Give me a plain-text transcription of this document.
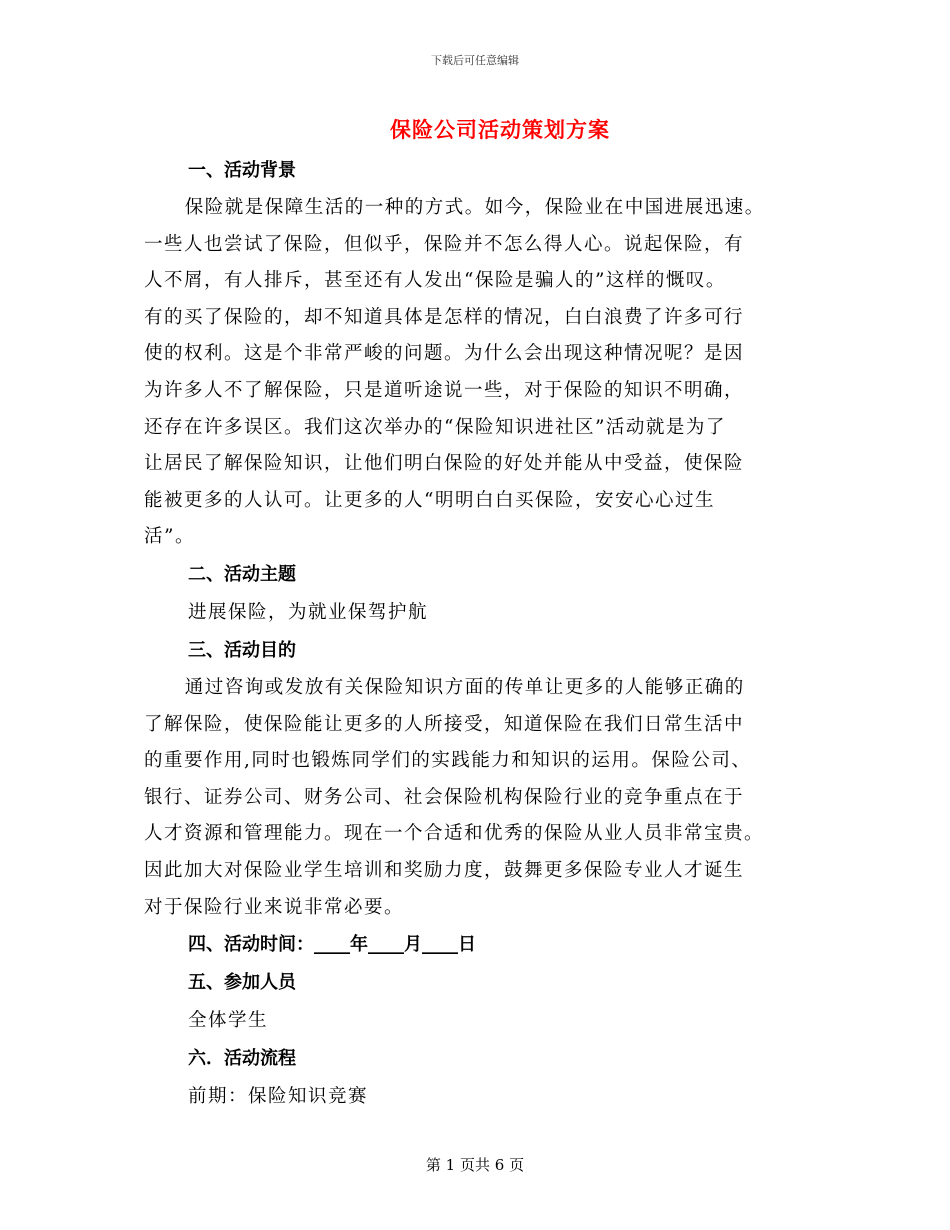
下载后可任意编辑
保险公司活动策划方案
一、活动背景
保险就是保障生活的一种的方式。如今，保险业在中国进展迅速。
一些人也尝试了保险，但似乎，保险并不怎么得人心。说起保险，有
人不屑，有人排斥，甚至还有人发出“保险是骗人的”这样的慨叹。
有的买了保险的，却不知道具体是怎样的情况，白白浪费了许多可行
使的权利。这是个非常严峻的问题。为什么会出现这种情况呢？是因
为许多人不了解保险，只是道听途说一些，对于保险的知识不明确，
还存在许多误区。我们这次举办的“保险知识进社区”活动就是为了
让居民了解保险知识，让他们明白保险的好处并能从中受益，使保险
能被更多的人认可。让更多的人“明明白白买保险，安安心心过生
活”。
二、活动主题
进展保险，为就业保驾护航
三、活动目的
通过咨询或发放有关保险知识方面的传单让更多的人能够正确的
了解保险，使保险能让更多的人所接受，知道保险在我们日常生活中
的重要作用,同时也锻炼同学们的实践能力和知识的运用。保险公司、
银行、证券公司、财务公司、社会保险机构保险行业的竞争重点在于
人才资源和管理能力。现在一个合适和优秀的保险从业人员非常宝贵。
因此加大对保险业学生培训和奖励力度，鼓舞更多保险专业人才诞生
对于保险行业来说非常必要。
四、活动时间：____年____月____日
五、参加人员
全体学生
六．活动流程
前期：保险知识竞赛
第 1 页共 6 页
